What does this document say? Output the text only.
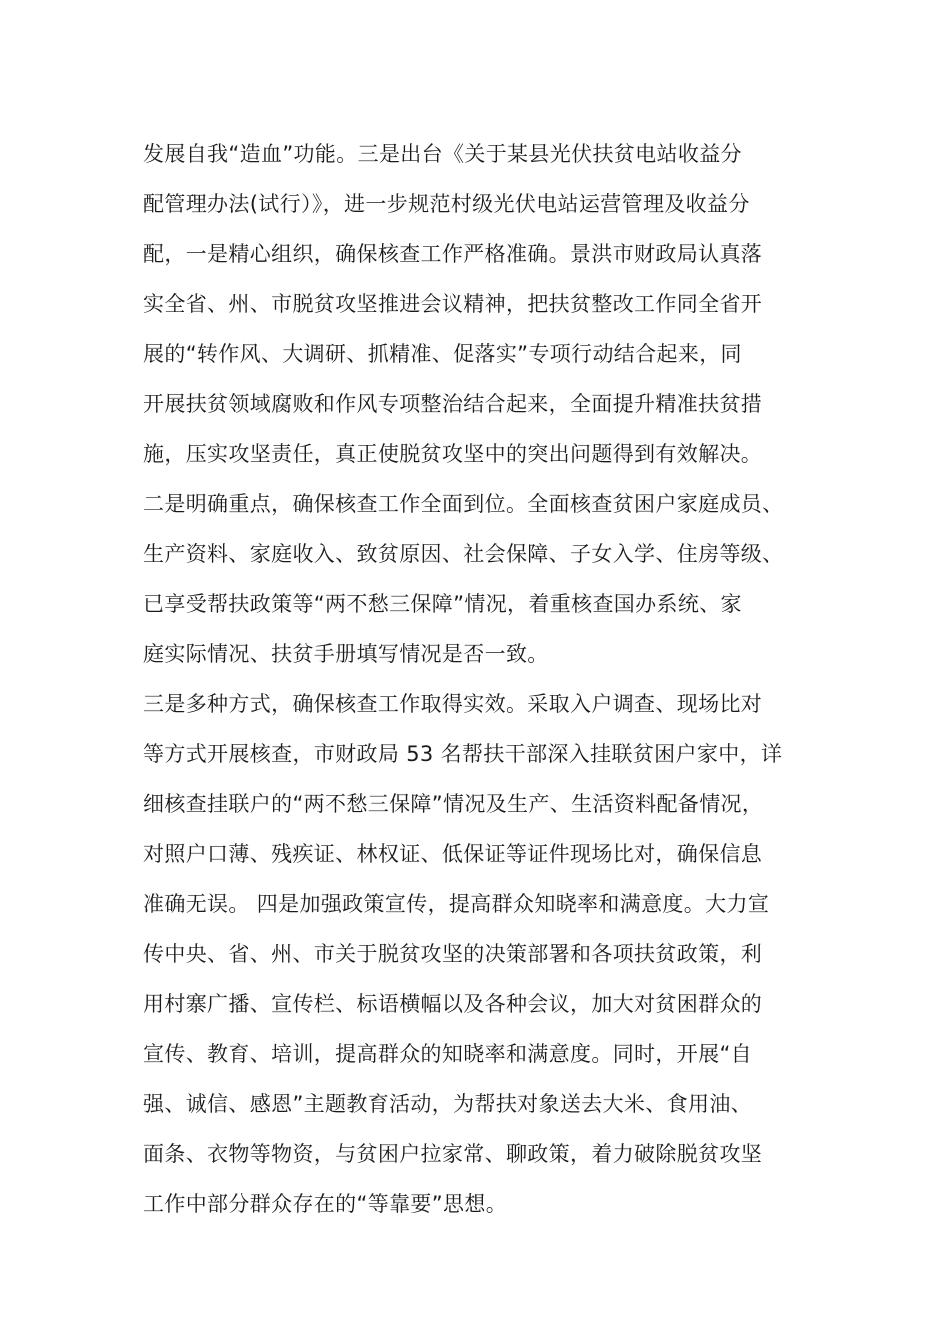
发展自我“造血”功能。三是出台《关于某县光伏扶贫电站收益分
配管理办法(试行）》，进一步规范村级光伏电站运营管理及收益分
配，一是精心组织，确保核查工作严格准确。景洪市财政局认真落
实全省、州、市脱贫攻坚推进会议精神，把扶贫整改工作同全省开
展的“转作风、大调研、抓精准、促落实”专项行动结合起来，同
开展扶贫领域腐败和作风专项整治结合起来，全面提升精准扶贫措
施，压实攻坚责任，真正使脱贫攻坚中的突出问题得到有效解决。
二是明确重点，确保核查工作全面到位。全面核查贫困户家庭成员、
生产资料、家庭收入、致贫原因、社会保障、子女入学、住房等级、
已享受帮扶政策等“两不愁三保障”情况，着重核查国办系统、家
庭实际情况、扶贫手册填写情况是否一致。
三是多种方式，确保核查工作取得实效。采取入户调查、现场比对
等方式开展核查，市财政局 53 名帮扶干部深入挂联贫困户家中，详
细核查挂联户的“两不愁三保障”情况及生产、生活资料配备情况，
对照户口薄、残疾证、林权证、低保证等证件现场比对，确保信息
准确无误。 四是加强政策宣传，提高群众知晓率和满意度。大力宣
传中央、省、州、市关于脱贫攻坚的决策部署和各项扶贫政策，利
用村寨广播、宣传栏、标语横幅以及各种会议，加大对贫困群众的
宣传、教育、培训，提高群众的知晓率和满意度。同时，开展“自
强、诚信、感恩”主题教育活动，为帮扶对象送去大米、食用油、
面条、衣物等物资，与贫困户拉家常、聊政策，着力破除脱贫攻坚
工作中部分群众存在的“等靠要”思想。
